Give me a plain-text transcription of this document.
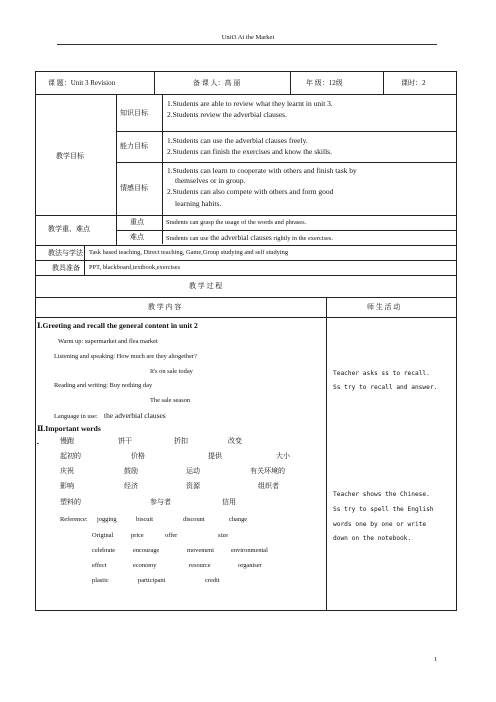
Unit3 At the Market
课 题：Unit 3 Revision	备 课 人：高 丽	年 级：12级	课时：2
教学目标
知识目标
1.Students are able to review what they learnt in unit 3.
2.Students review the adverbial clauses.
能力目标
1.Students can use the adverbial clauses freely.
2.Students can finish the exercises and know the skills.
情感目标
1.Students can learn to cooperate with others and finish task by
themselves or in group.
2.Students can also compete with others and form good
learning habits.
教学重、难点
重点	Students can grasp the usage of the words and phrases.
难点	Students can use the adverbial clauses rightly in the exercises.
教法与学法 Task based teaching, Direct teaching, Game,Group studying and self studying
教具准备 PPT, blackboard,textbook,exercises
教 学 过 程
教 学 内 容	师 生 活 动
Ⅰ.Greeting and recall the general content in unit 2
Warm up: supermarket and flea market
Listening and speaking: How much are they altogether?
It's on sale today
Reading and writing: Buy nothing day
The sale season
Language in use: the adverbial clauses
Ⅱ.Important words
▪	慢跑	饼干	折扣	改变
起初的	价格	提供	大小
庆祝	鼓励	运动	有关环境的
影响	经济	资源	组织者
塑料的	参与者	信用
Reference: jogging	biscuit	discount	change
Original	price	offer	size
celebrate	encourage	movement	environmental
effect	economy	resource	organiser
plastic	participant	credit
Teacher asks ss to recall.
Ss try to recall and answer.
Teacher shows the Chinese.
Ss try to spell the English
words one by one or write
down on the notebook.
1
